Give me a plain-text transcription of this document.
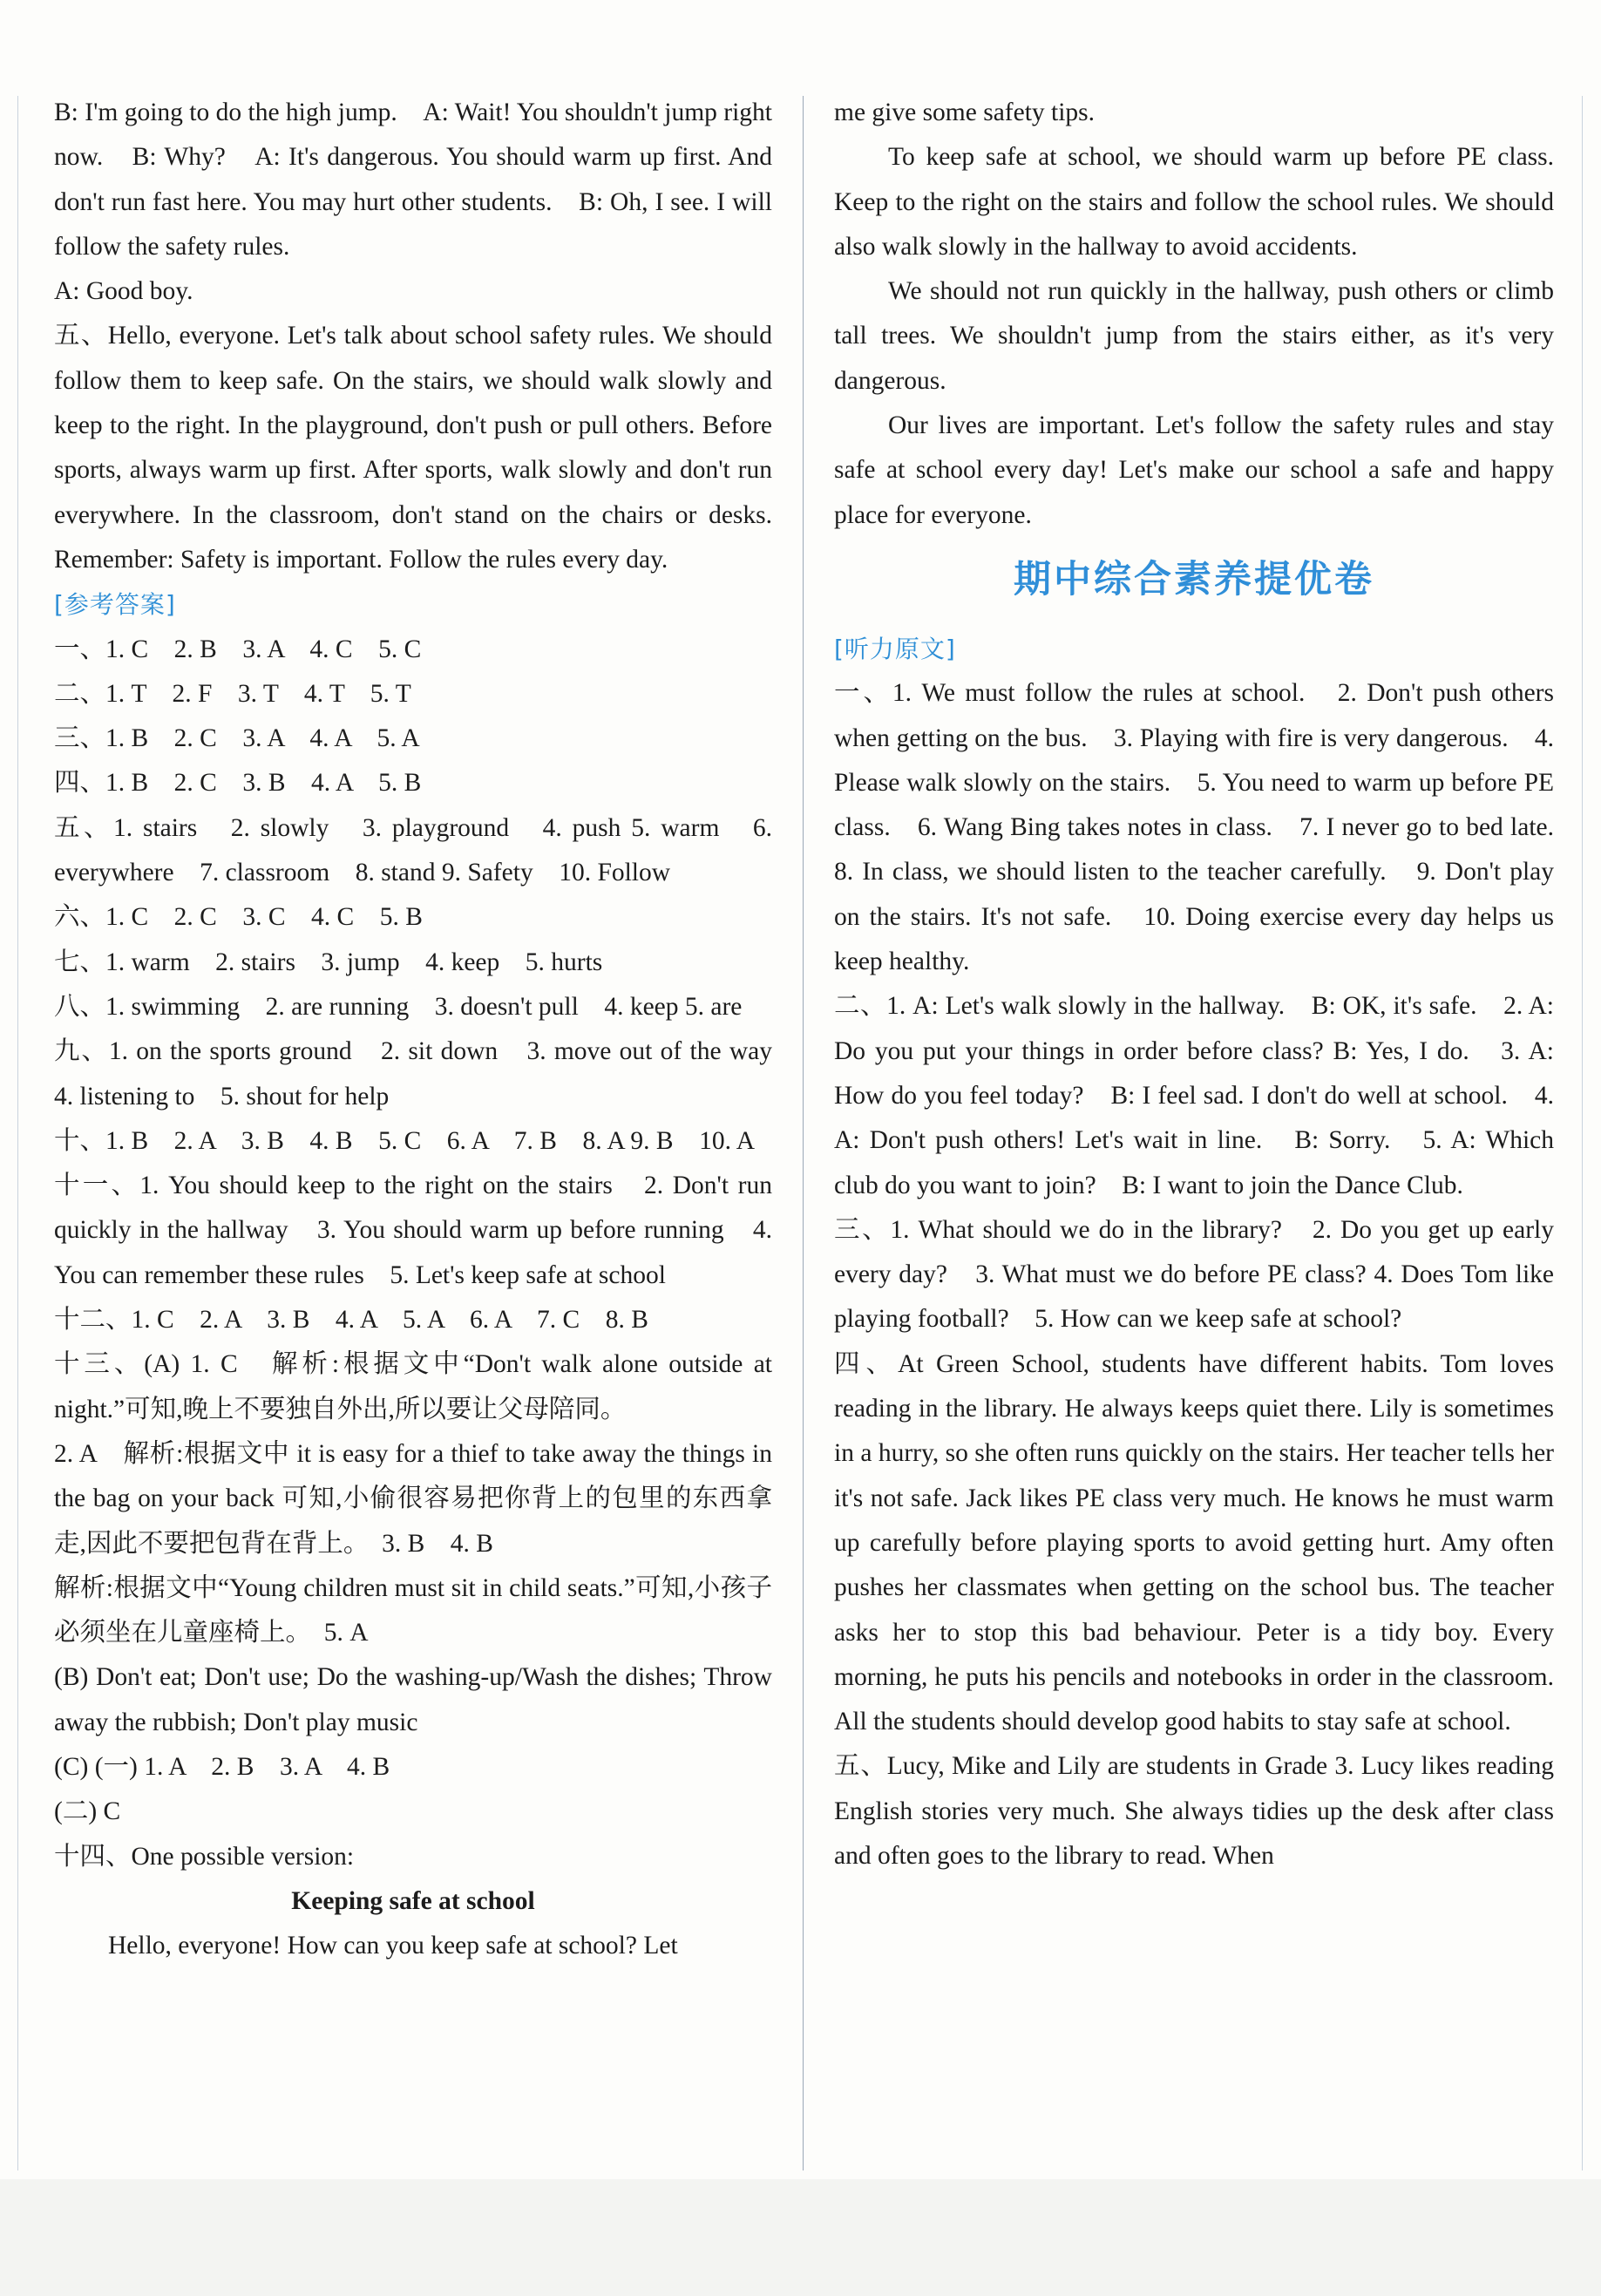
B: I'm going to do the high jump.　A: Wait! You shouldn't jump right now.　B: Why?　A: It's dangerous. You should warm up first. And don't run fast here. You may hurt other students.　B: Oh, I see. I will follow the safety rules.

A: Good boy.

五、Hello, everyone. Let's talk about school safety rules. We should follow them to keep safe. On the stairs, we should walk slowly and keep to the right. In the playground, don't push or pull others. Before sports, always warm up first. After sports, walk slowly and don't run everywhere. In the classroom, don't stand on the chairs or desks. Remember: Safety is important. Follow the rules every day.

[参考答案]

一、1. C　2. B　3. A　4. C　5. C

二、1. T　2. F　3. T　4. T　5. T

三、1. B　2. C　3. A　4. A　5. A

四、1. B　2. C　3. B　4. A　5. B

五、1. stairs　2. slowly　3. playground　4. push 5. warm　6. everywhere　7. classroom　8. stand 9. Safety　10. Follow

六、1. C　2. C　3. C　4. C　5. B

七、1. warm　2. stairs　3. jump　4. keep　5. hurts

八、1. swimming　2. are running　3. doesn't pull　4. keep 5. are

九、1. on the sports ground　2. sit down　3. move out of the way　4. listening to　5. shout for help

十、1. B　2. A　3. B　4. B　5. C　6. A　7. B　8. A 9. B　10. A

十一、1. You should keep to the right on the stairs　2. Don't run quickly in the hallway　3. You should warm up before running　4. You can remember these rules　5. Let's keep safe at school

十二、1. C　2. A　3. B　4. A　5. A　6. A　7. C　8. B

十三、(A) 1. C　解析:根据文中“Don't walk alone outside at night.”可知,晚上不要独自外出,所以要让父母陪同。

2. A　解析:根据文中 it is easy for a thief to take away the things in the bag on your back 可知,小偷很容易把你背上的包里的东西拿走,因此不要把包背在背上。　3. B　4. B

解析:根据文中“Young children must sit in child seats.”可知,小孩子必须坐在儿童座椅上。　5. A

(B) Don't eat; Don't use; Do the washing-up/Wash the dishes; Throw away the rubbish; Don't play music

(C) (一) 1. A　2. B　3. A　4. B

(二) C

十四、One possible version:

Keeping safe at school

Hello, everyone! How can you keep safe at school? Let

me give some safety tips.

To keep safe at school, we should warm up before PE class. Keep to the right on the stairs and follow the school rules. We should also walk slowly in the hallway to avoid accidents.

We should not run quickly in the hallway, push others or climb tall trees. We shouldn't jump from the stairs either, as it's very dangerous.

Our lives are important. Let's follow the safety rules and stay safe at school every day! Let's make our school a safe and happy place for everyone.

期中综合素养提优卷

[听力原文]

一、1. We must follow the rules at school.　2. Don't push others when getting on the bus.　3. Playing with fire is very dangerous.　4. Please walk slowly on the stairs.　5. You need to warm up before PE class.　6. Wang Bing takes notes in class.　7. I never go to bed late.　8. In class, we should listen to the teacher carefully.　9. Don't play on the stairs. It's not safe.　10. Doing exercise every day helps us keep healthy.

二、1. A: Let's walk slowly in the hallway.　B: OK, it's safe.　2. A: Do you put your things in order before class? B: Yes, I do.　3. A: How do you feel today?　B: I feel sad. I don't do well at school.　4. A: Don't push others! Let's wait in line.　B: Sorry.　5. A: Which club do you want to join?　B: I want to join the Dance Club.

三、1. What should we do in the library?　2. Do you get up early every day?　3. What must we do before PE class? 4. Does Tom like playing football?　5. How can we keep safe at school?

四、At Green School, students have different habits. Tom loves reading in the library. He always keeps quiet there. Lily is sometimes in a hurry, so she often runs quickly on the stairs. Her teacher tells her it's not safe. Jack likes PE class very much. He knows he must warm up carefully before playing sports to avoid getting hurt. Amy often pushes her classmates when getting on the school bus. The teacher asks her to stop this bad behaviour. Peter is a tidy boy. Every morning, he puts his pencils and notebooks in order in the classroom. All the students should develop good habits to stay safe at school.

五、Lucy, Mike and Lily are students in Grade 3. Lucy likes reading English stories very much. She always tidies up the desk after class and often goes to the library to read. When
